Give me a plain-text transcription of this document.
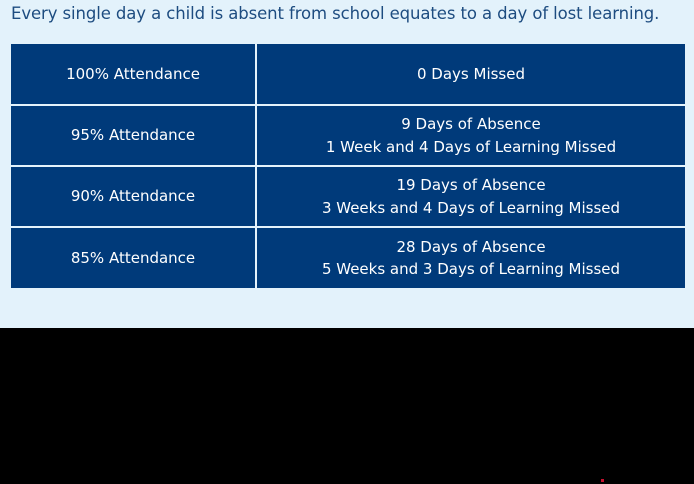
Every single day a child is absent from school equates to a day of lost learning.

100% Attendance	0 Days Missed

95% Attendance	9 Days of Absence
1 Week and 4 Days of Learning Missed

90% Attendance	19 Days of Absence
3 Weeks and 4 Days of Learning Missed

85% Attendance	28 Days of Absence
5 Weeks and 3 Days of Learning Missed
